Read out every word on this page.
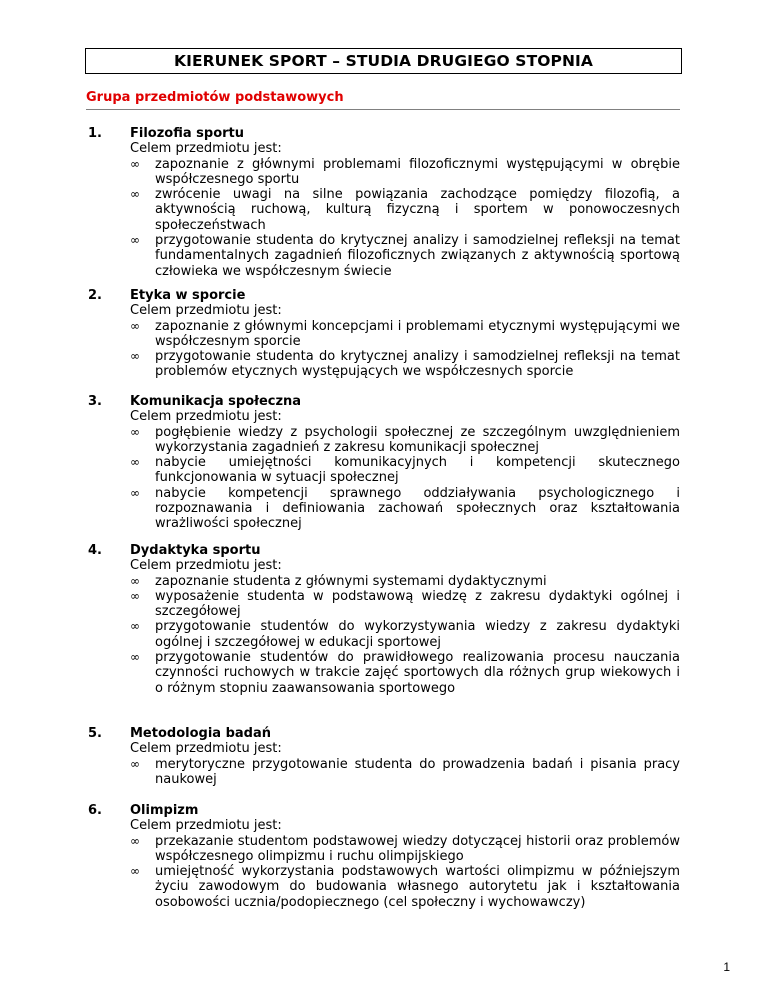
KIERUNEK SPORT – STUDIA DRUGIEGO STOPNIA
Grupa przedmiotów podstawowych
1. Filozofia sportu
Celem przedmiotu jest:
∞ zapoznanie z głównymi problemami filozoficznymi występującymi w obrębie współczesnego sportu
∞ zwrócenie uwagi na silne powiązania zachodzące pomiędzy filozofią, a aktywnością ruchową, kulturą fizyczną i sportem w ponowoczesnych społeczeństwach
∞ przygotowanie studenta do krytycznej analizy i samodzielnej refleksji na temat fundamentalnych zagadnień filozoficznych związanych z aktywnością sportową człowieka we współczesnym świecie
2. Etyka w sporcie
Celem przedmiotu jest:
∞ zapoznanie z głównymi koncepcjami i problemami etycznymi występującymi we współczesnym sporcie
∞ przygotowanie studenta do krytycznej analizy i samodzielnej refleksji na temat problemów etycznych występujących we współczesnych sporcie
3. Komunikacja społeczna
Celem przedmiotu jest:
∞ pogłębienie wiedzy z psychologii społecznej ze szczególnym uwzględnieniem wykorzystania zagadnień z zakresu komunikacji społecznej
∞ nabycie umiejętności komunikacyjnych i kompetencji skutecznego funkcjonowania w sytuacji społecznej
∞ nabycie kompetencji sprawnego oddziaływania psychologicznego i rozpoznawania i definiowania zachowań społecznych oraz kształtowania wrażliwości społecznej
4. Dydaktyka sportu
Celem przedmiotu jest:
∞ zapoznanie studenta z głównymi systemami dydaktycznymi
∞ wyposażenie studenta w podstawową wiedzę z zakresu dydaktyki ogólnej i szczegółowej
∞ przygotowanie studentów do wykorzystywania wiedzy z zakresu dydaktyki ogólnej i szczegółowej w edukacji sportowej
∞ przygotowanie studentów do prawidłowego realizowania procesu nauczania czynności ruchowych w trakcie zajęć sportowych dla różnych grup wiekowych i o różnym stopniu zaawansowania sportowego
5. Metodologia badań
Celem przedmiotu jest:
∞ merytoryczne przygotowanie studenta do prowadzenia badań i pisania pracy naukowej
6. Olimpizm
Celem przedmiotu jest:
∞ przekazanie studentom podstawowej wiedzy dotyczącej historii oraz problemów współczesnego olimpizmu i ruchu olimpijskiego
∞ umiejętność wykorzystania podstawowych wartości olimpizmu w późniejszym życiu zawodowym do budowania własnego autorytetu jak i kształtowania osobowości ucznia/podopiecznego (cel społeczny i wychowawczy)
1
